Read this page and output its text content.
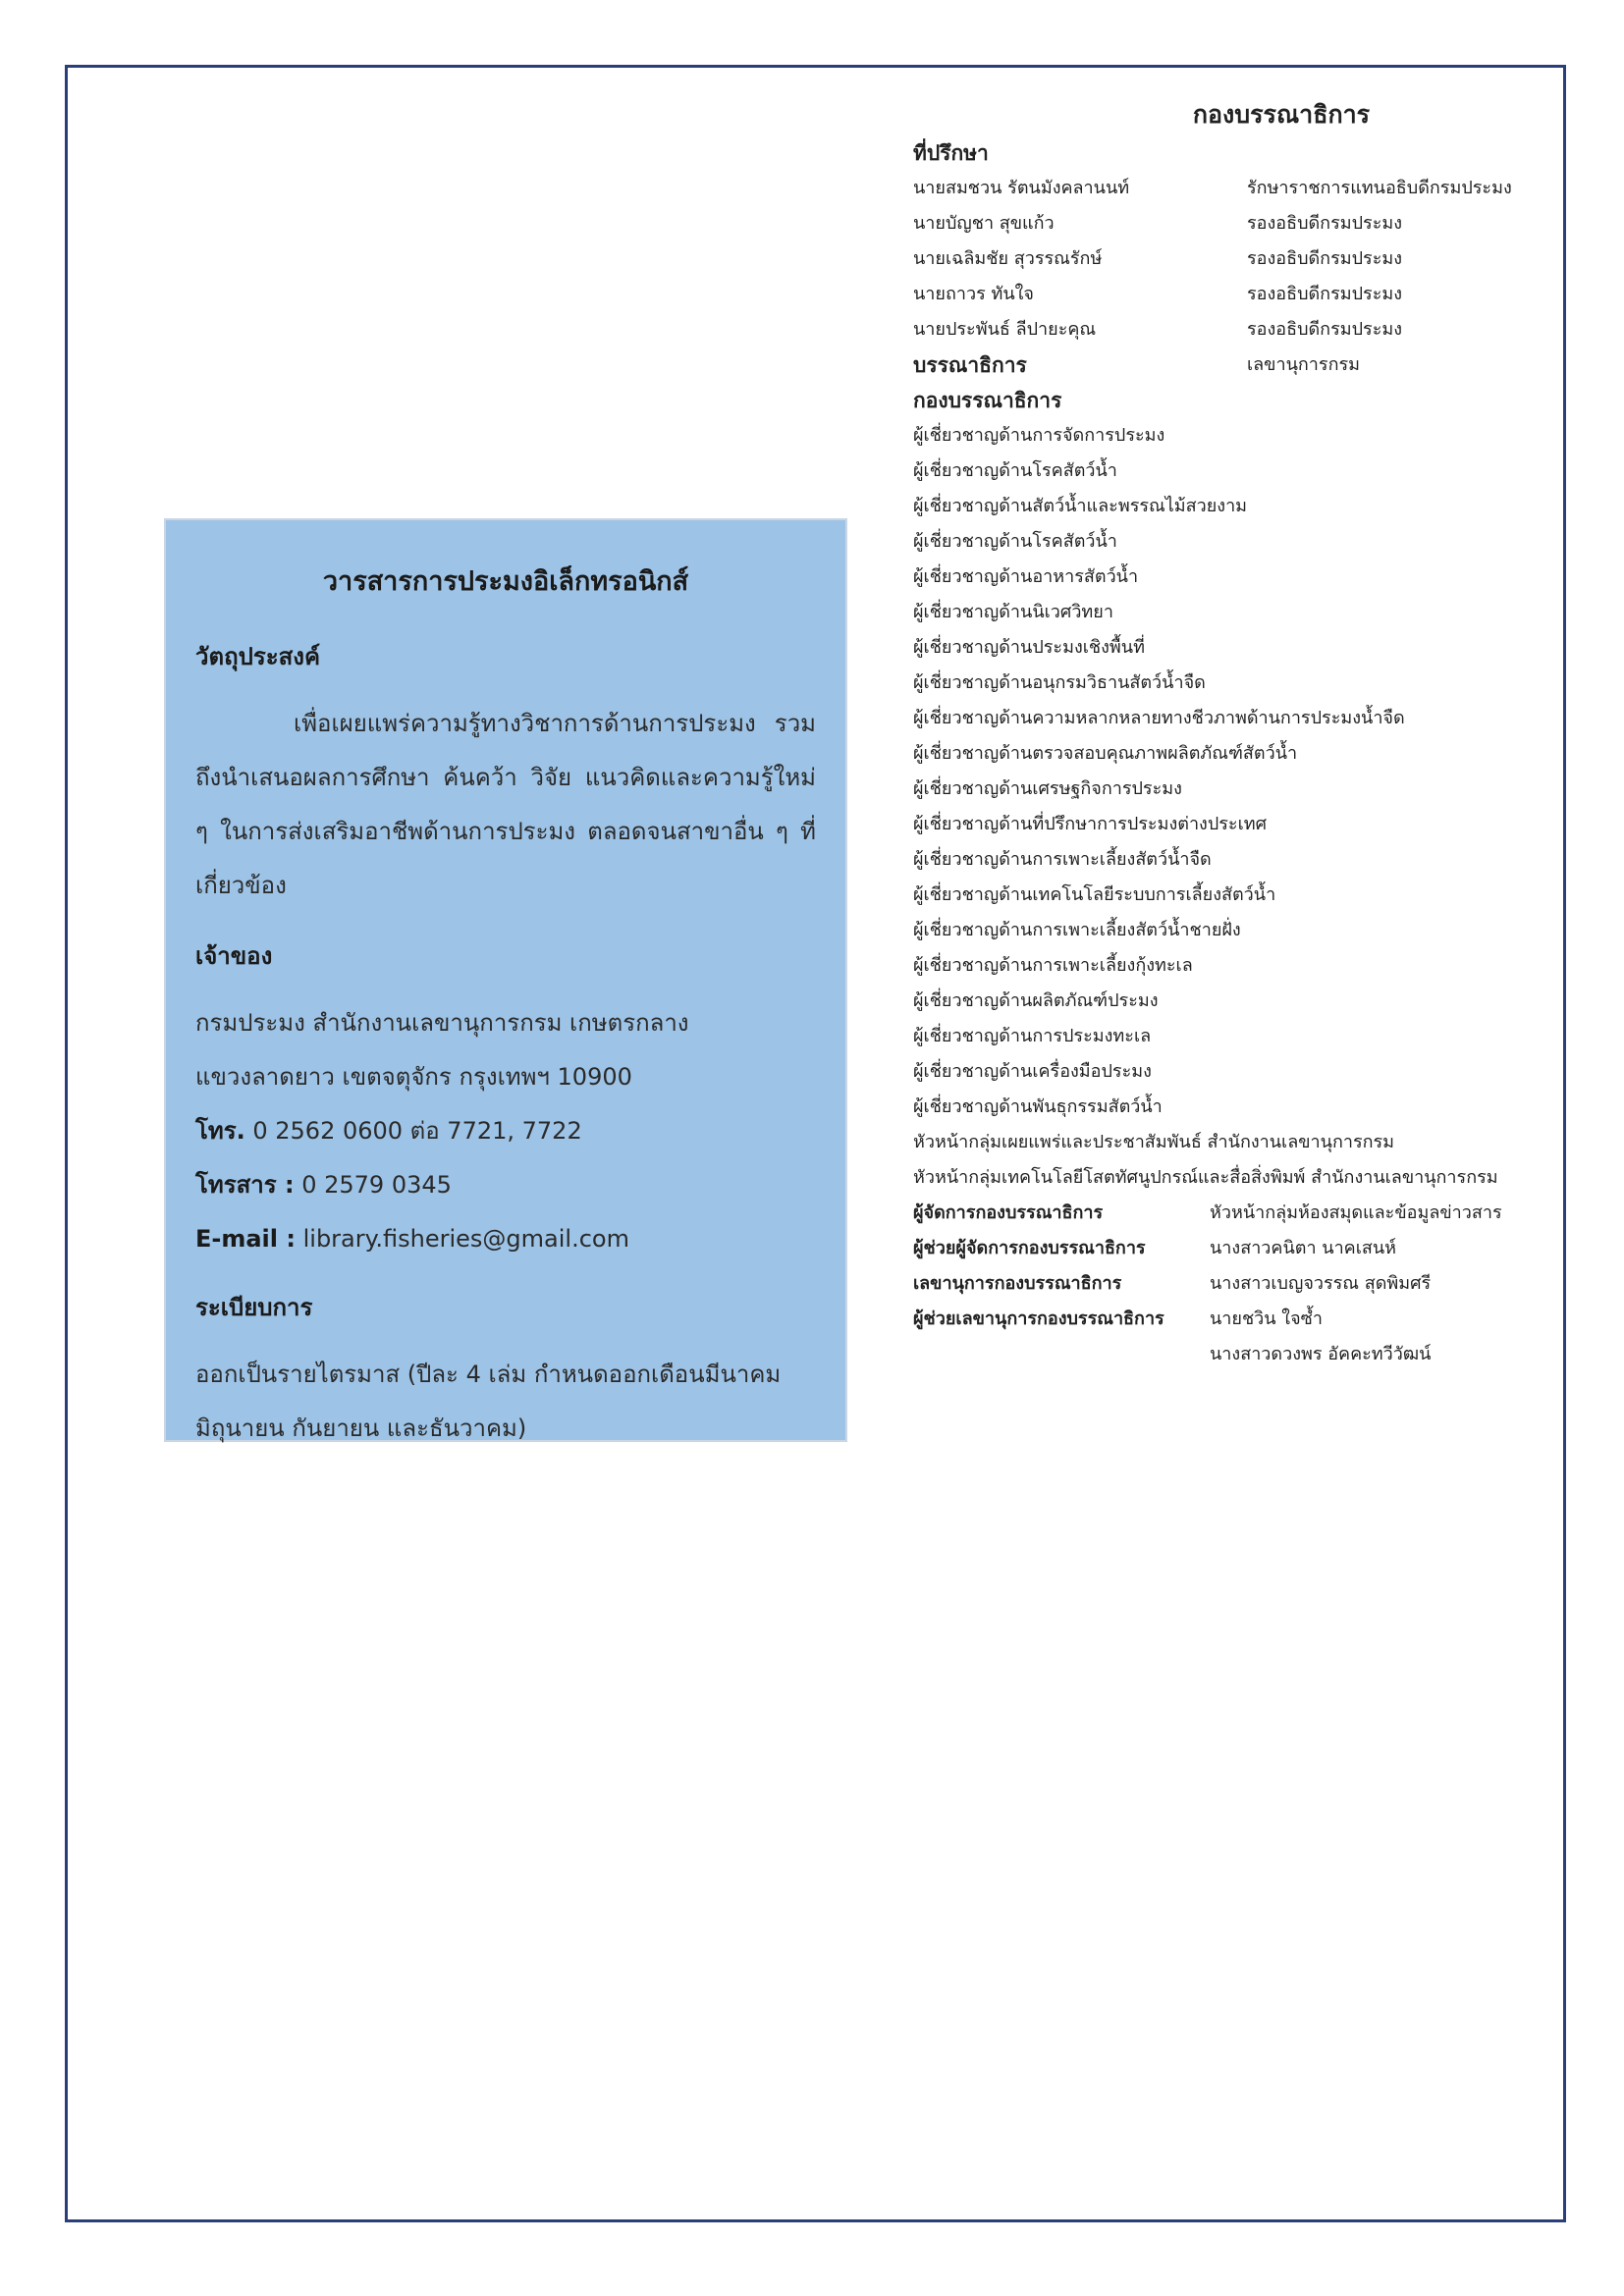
วารสารการประมงอิเล็กทรอนิกส์
วัตถุประสงค์

เพื่อเผยแพร่ความรู้ทางวิชาการด้านการประมง รวมถึงนำเสนอผลการศึกษา ค้นคว้า วิจัย แนวคิดและความรู้ใหม่ ๆ ในการส่งเสริมอาชีพด้านการประมง ตลอดจนสาขาอื่น ๆ ที่เกี่ยวข้อง

เจ้าของ

กรมประมง สำนักงานเลขานุการกรม เกษตรกลาง

แขวงลาดยาว เขตจตุจักร กรุงเทพฯ 10900

โทร. 0 2562 0600 ต่อ 7721, 7722

โทรสาร : 0 2579 0345

E-mail : library.fisheries@gmail.com

ระเบียบการ

ออกเป็นรายไตรมาส (ปีละ 4 เล่ม กำหนดออกเดือนมีนาคม มิถุนายน กันยายน และธันวาคม)

กองบรรณาธิการ
ที่ปรึกษา
นายสมชวน รัตนมังคลานนท์	รักษาราชการแทนอธิบดีกรมประมง
นายบัญชา สุขแก้ว	รองอธิบดีกรมประมง
นายเฉลิมชัย สุวรรณรักษ์	รองอธิบดีกรมประมง
นายถาวร ทันใจ	รองอธิบดีกรมประมง
นายประพันธ์ ลีปายะคุณ	รองอธิบดีกรมประมง
บรรณาธิการ	เลขานุการกรม
กองบรรณาธิการ
ผู้เชี่ยวชาญด้านการจัดการประมง
ผู้เชี่ยวชาญด้านโรคสัตว์น้ำ
ผู้เชี่ยวชาญด้านสัตว์น้ำและพรรณไม้สวยงาม
ผู้เชี่ยวชาญด้านโรคสัตว์น้ำ
ผู้เชี่ยวชาญด้านอาหารสัตว์น้ำ
ผู้เชี่ยวชาญด้านนิเวศวิทยา
ผู้เชี่ยวชาญด้านประมงเชิงพื้นที่
ผู้เชี่ยวชาญด้านอนุกรมวิธานสัตว์น้ำจืด
ผู้เชี่ยวชาญด้านความหลากหลายทางชีวภาพด้านการประมงน้ำจืด
ผู้เชี่ยวชาญด้านตรวจสอบคุณภาพผลิตภัณฑ์สัตว์น้ำ
ผู้เชี่ยวชาญด้านเศรษฐกิจการประมง
ผู้เชี่ยวชาญด้านที่ปรึกษาการประมงต่างประเทศ
ผู้เชี่ยวชาญด้านการเพาะเลี้ยงสัตว์น้ำจืด
ผู้เชี่ยวชาญด้านเทคโนโลยีระบบการเลี้ยงสัตว์น้ำ
ผู้เชี่ยวชาญด้านการเพาะเลี้ยงสัตว์น้ำชายฝั่ง
ผู้เชี่ยวชาญด้านการเพาะเลี้ยงกุ้งทะเล
ผู้เชี่ยวชาญด้านผลิตภัณฑ์ประมง
ผู้เชี่ยวชาญด้านการประมงทะเล
ผู้เชี่ยวชาญด้านเครื่องมือประมง
ผู้เชี่ยวชาญด้านพันธุกรรมสัตว์น้ำ
หัวหน้ากลุ่มเผยแพร่และประชาสัมพันธ์ สำนักงานเลขานุการกรม
หัวหน้ากลุ่มเทคโนโลยีโสตทัศนูปกรณ์และสื่อสิ่งพิมพ์ สำนักงานเลขานุการกรม
ผู้จัดการกองบรรณาธิการ	หัวหน้ากลุ่มห้องสมุดและข้อมูลข่าวสาร
ผู้ช่วยผู้จัดการกองบรรณาธิการ	นางสาวคนิตา นาคเสนห์
เลขานุการกองบรรณาธิการ	นางสาวเบญจวรรณ สุดพิมศรี
ผู้ช่วยเลขานุการกองบรรณาธิการ	นายชวิน ใจซ้ำ
นางสาวดวงพร อัคคะทวีวัฒน์
